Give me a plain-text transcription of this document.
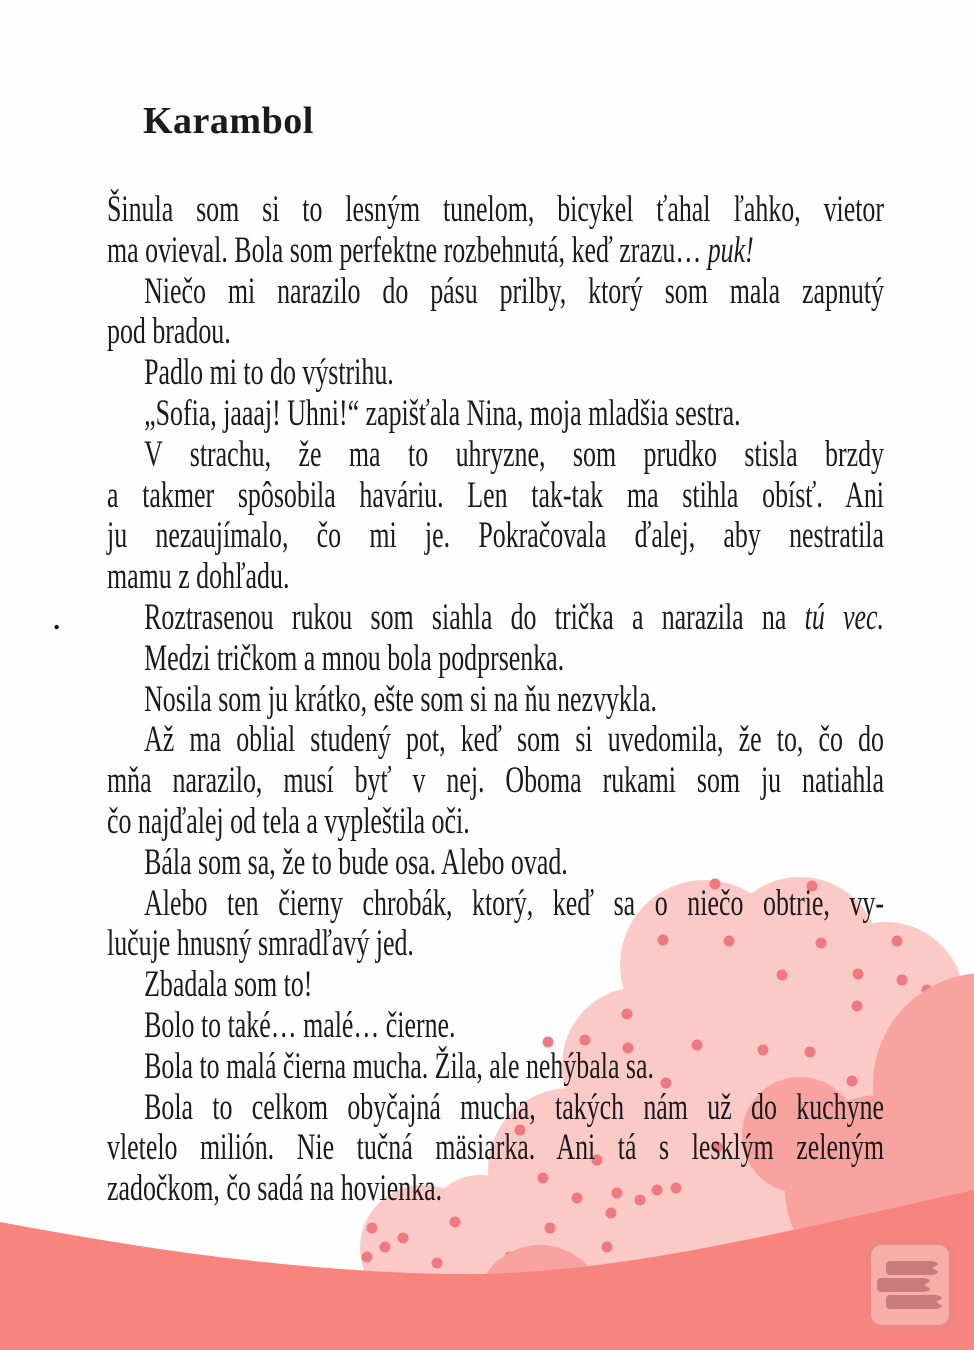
Karambol
.
Šinula som si to lesným tunelom, bicykel ťahal ľahko, vietor
ma ovieval. Bola som perfektne rozbehnutá, keď zrazu… puk!
Niečo mi narazilo do pásu prilby, ktorý som mala zapnutý
pod bradou.
Padlo mi to do výstrihu.
„Sofia, jaaaj! Uhni!“ zapišťala Nina, moja mladšia sestra.
V strachu, že ma to uhryzne, som prudko stisla brzdy
a takmer spôsobila haváriu. Len tak-tak ma stihla obísť. Ani
ju nezaujímalo, čo mi je. Pokračovala ďalej, aby nestratila
mamu z dohľadu.
Roztrasenou rukou som siahla do trička a narazila na tú vec.
Medzi tričkom a mnou bola podprsenka.
Nosila som ju krátko, ešte som si na ňu nezvykla.
Až ma oblial studený pot, keď som si uvedomila, že to, čo do
mňa narazilo, musí byť v nej. Oboma rukami som ju natiahla
čo najďalej od tela a vypleštila oči.
Bála som sa, že to bude osa. Alebo ovad.
Alebo ten čierny chrobák, ktorý, keď sa o niečo obtrie, vy-
lučuje hnusný smradľavý jed.
Zbadala som to!
Bolo to také… malé… čierne.
Bola to malá čierna mucha. Žila, ale nehýbala sa.
Bola to celkom obyčajná mucha, takých nám už do kuchyne
vletelo milión. Nie tučná mäsiarka. Ani tá s lesklým zeleným
zadočkom, čo sadá na hovienka.
